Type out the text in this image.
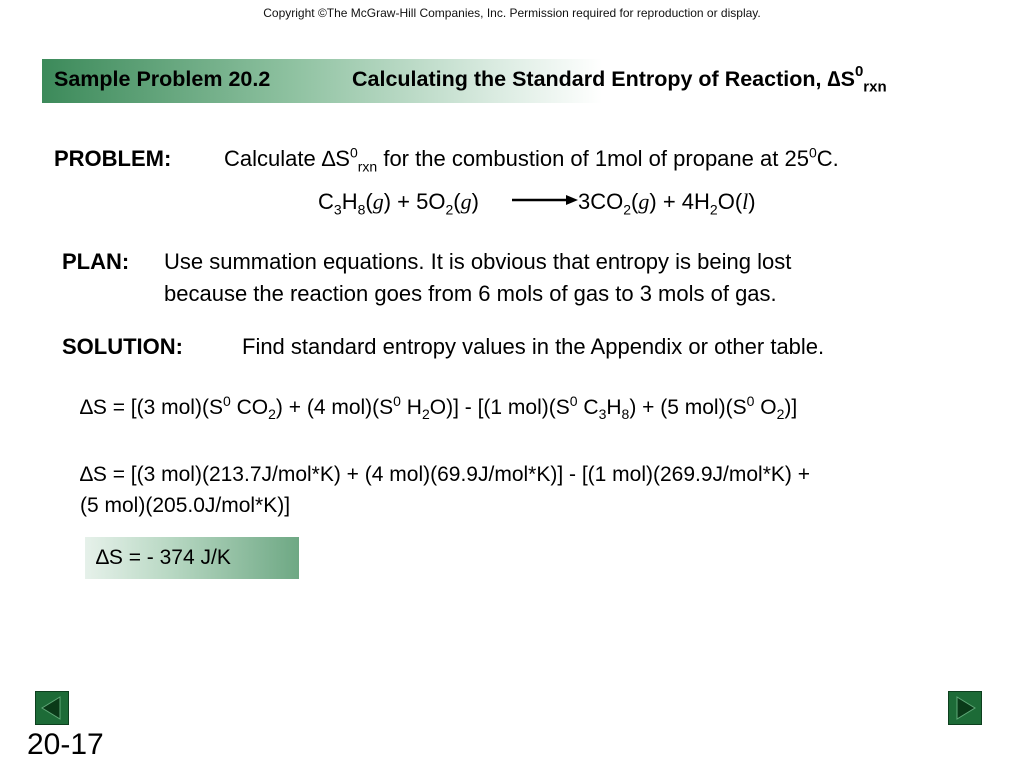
Copyright ©The McGraw-Hill Companies, Inc. Permission required for reproduction or display.
Sample Problem 20.2	Calculating the Standard Entropy of Reaction, $\Delta S^0_{rxn}$
PROBLEM: Calculate $\Delta S^0_{rxn}$ for the combustion of 1mol of propane at $25^0C$.
$C_3H_8(g) + 5O_2(g)$	$3CO_2(g) + 4H_2O(l)$
PLAN: Use summation equations. It is obvious that entropy is being lost
because the reaction goes from 6 mols of gas to 3 mols of gas.
SOLUTION:	Find standard entropy values in the Appendix or other table.
∆S = [(3 $mol)(S^0$ $CO_2) + (4$ $mol)(S^0$ $H_2O)] - [(1$ $mol)(S^0$ $C_3H_8) + (5$ $mol)(S^0$ $O_2$)]
∆S = [(3 mol)(213.7J/mol*K) + (4 mol)(69.9J/mol*K)] - [(1 mol)(269.9J/mol*K) +
(5 mol)(205.0J/mol*K)]
∆S = - 374 J/K
20-17
